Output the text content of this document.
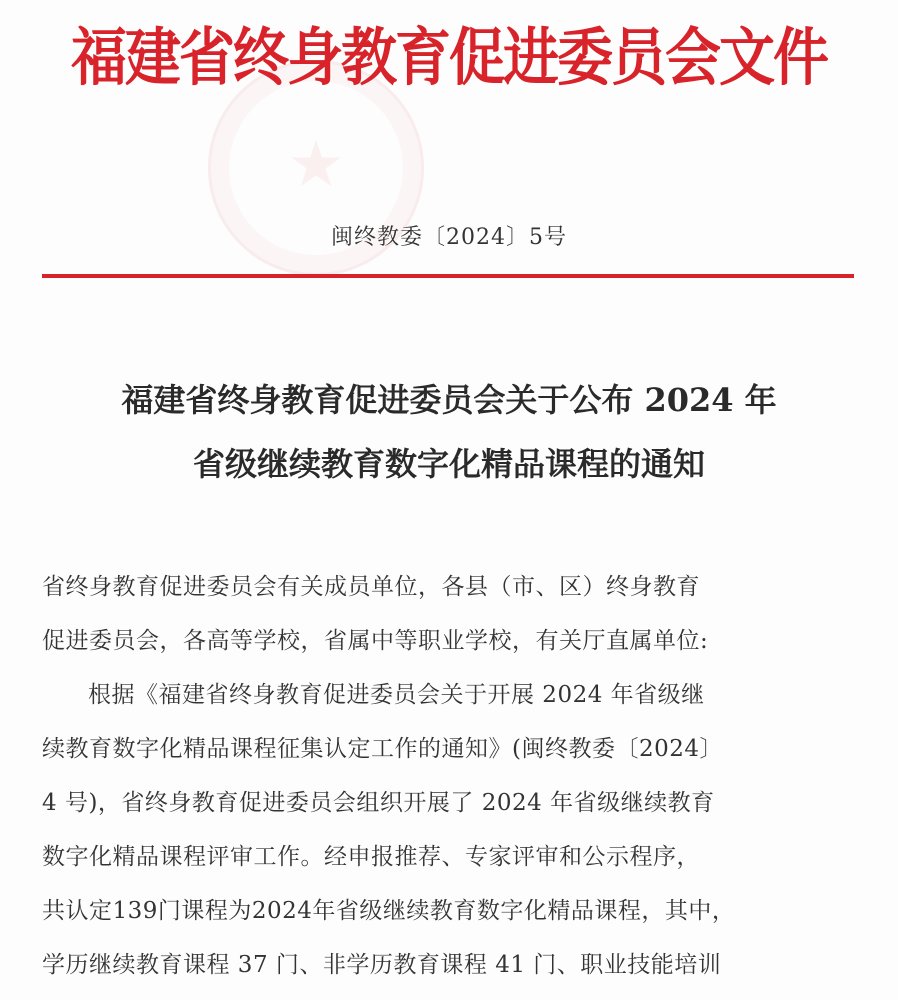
★
福建省终身教育促进委员会文件
闽终教委〔2024〕5号
福建省终身教育促进委员会关于公布 2024 年
省级继续教育数字化精品课程的通知
省终身教育促进委员会有关成员单位，各县（市、区）终身教育
促进委员会，各高等学校，省属中等职业学校，有关厅直属单位:
根据《福建省终身教育促进委员会关于开展 2024 年省级继
续教育数字化精品课程征集认定工作的通知》(闽终教委〔2024〕
4 号)，省终身教育促进委员会组织开展了 2024 年省级继续教育
数字化精品课程评审工作。经申报推荐、专家评审和公示程序，
共认定139门课程为2024年省级继续教育数字化精品课程，其中，
学历继续教育课程 37 门、非学历教育课程 41 门、职业技能培训
